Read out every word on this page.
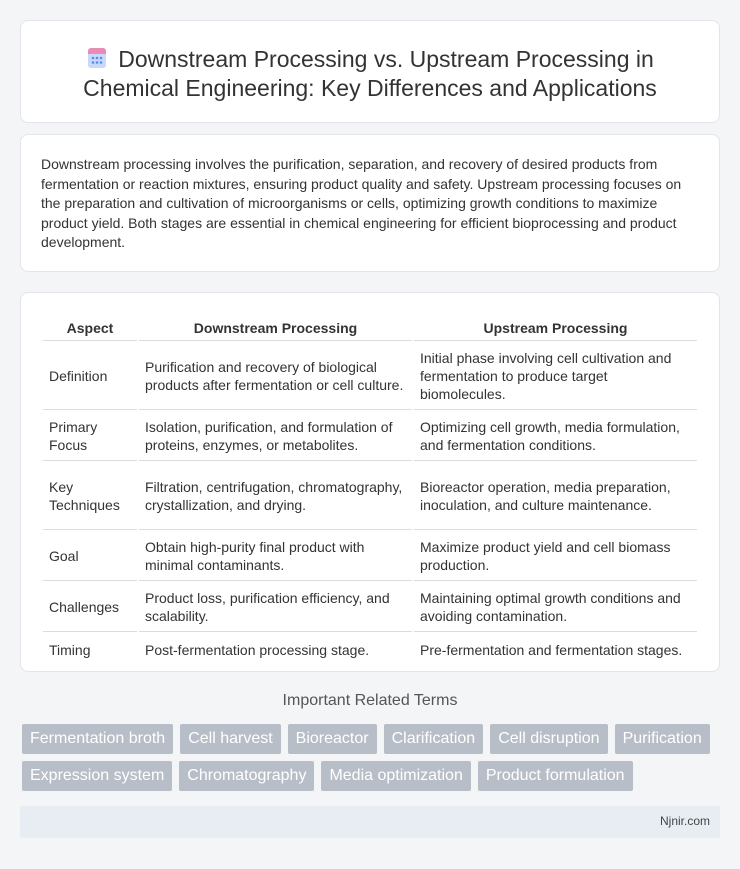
Downstream Processing vs. Upstream Processing in Chemical Engineering: Key Differences and Applications

Downstream processing involves the purification, separation, and recovery of desired products from fermentation or reaction mixtures, ensuring product quality and safety. Upstream processing focuses on the preparation and cultivation of microorganisms or cells, optimizing growth conditions to maximize product yield. Both stages are essential in chemical engineering for efficient bioprocessing and product development.

Aspect	Downstream Processing	Upstream Processing
Definition	Purification and recovery of biological products after fermentation or cell culture.	Initial phase involving cell cultivation and fermentation to produce target biomolecules.
Primary Focus	Isolation, purification, and formulation of proteins, enzymes, or metabolites.	Optimizing cell growth, media formulation, and fermentation conditions.
Key Techniques	Filtration, centrifugation, chromatography, crystallization, and drying.	Bioreactor operation, media preparation, inoculation, and culture maintenance.
Goal	Obtain high-purity final product with minimal contaminants.	Maximize product yield and cell biomass production.
Challenges	Product loss, purification efficiency, and scalability.	Maintaining optimal growth conditions and avoiding contamination.
Timing	Post-fermentation processing stage.	Pre-fermentation and fermentation stages.
Important Related Terms
Fermentation broth	Cell harvest	Bioreactor	Clarification	Cell disruption	Purification
Expression system	Chromatography	Media optimization	Product formulation
Njnir.com
